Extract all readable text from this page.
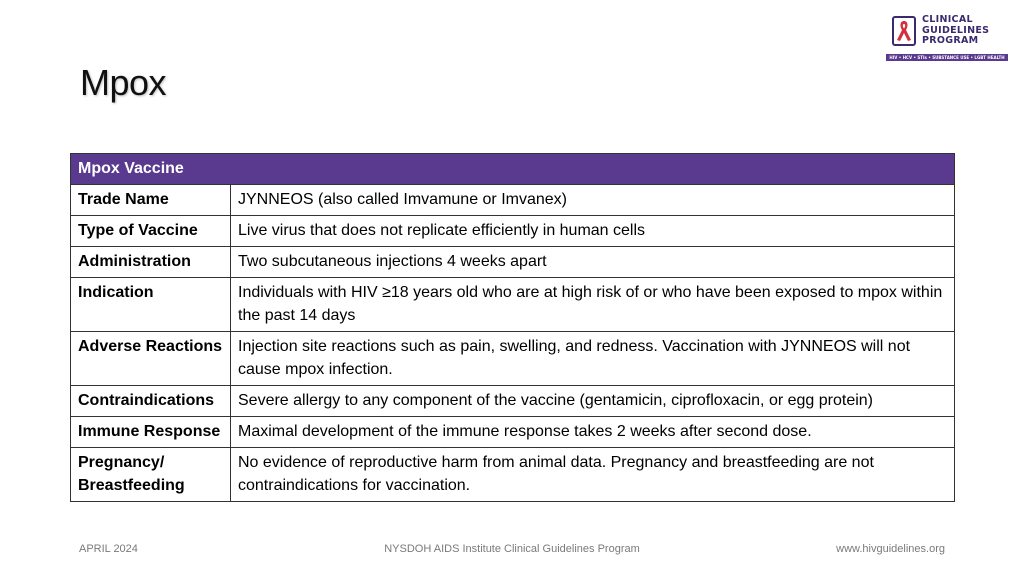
Mpox
CLINICAL
GUIDELINES
PROGRAM
HIV • HCV • STIs • SUBSTANCE USE • LGBT HEALTH
Mpox Vaccine	
Trade Name	JYNNEOS (also called Imvamune or Imvanex)
Type of Vaccine	Live virus that does not replicate efficiently in human cells
Administration	Two subcutaneous injections 4 weeks apart
Indication	Individuals with HIV ≥18 years old who are at high risk of or who have been exposed to mpox within the past 14 days
Adverse Reactions	Injection site reactions such as pain, swelling, and redness. Vaccination with JYNNEOS will not cause mpox infection.
Contraindications	Severe allergy to any component of the vaccine (gentamicin, ciprofloxacin, or egg protein)
Immune Response	Maximal development of the immune response takes 2 weeks after second dose.
Pregnancy/ Breastfeeding	No evidence of reproductive harm from animal data. Pregnancy and breastfeeding are not contraindications for vaccination.
APRIL 2024	NYSDOH AIDS Institute Clinical Guidelines Program	www.hivguidelines.org
